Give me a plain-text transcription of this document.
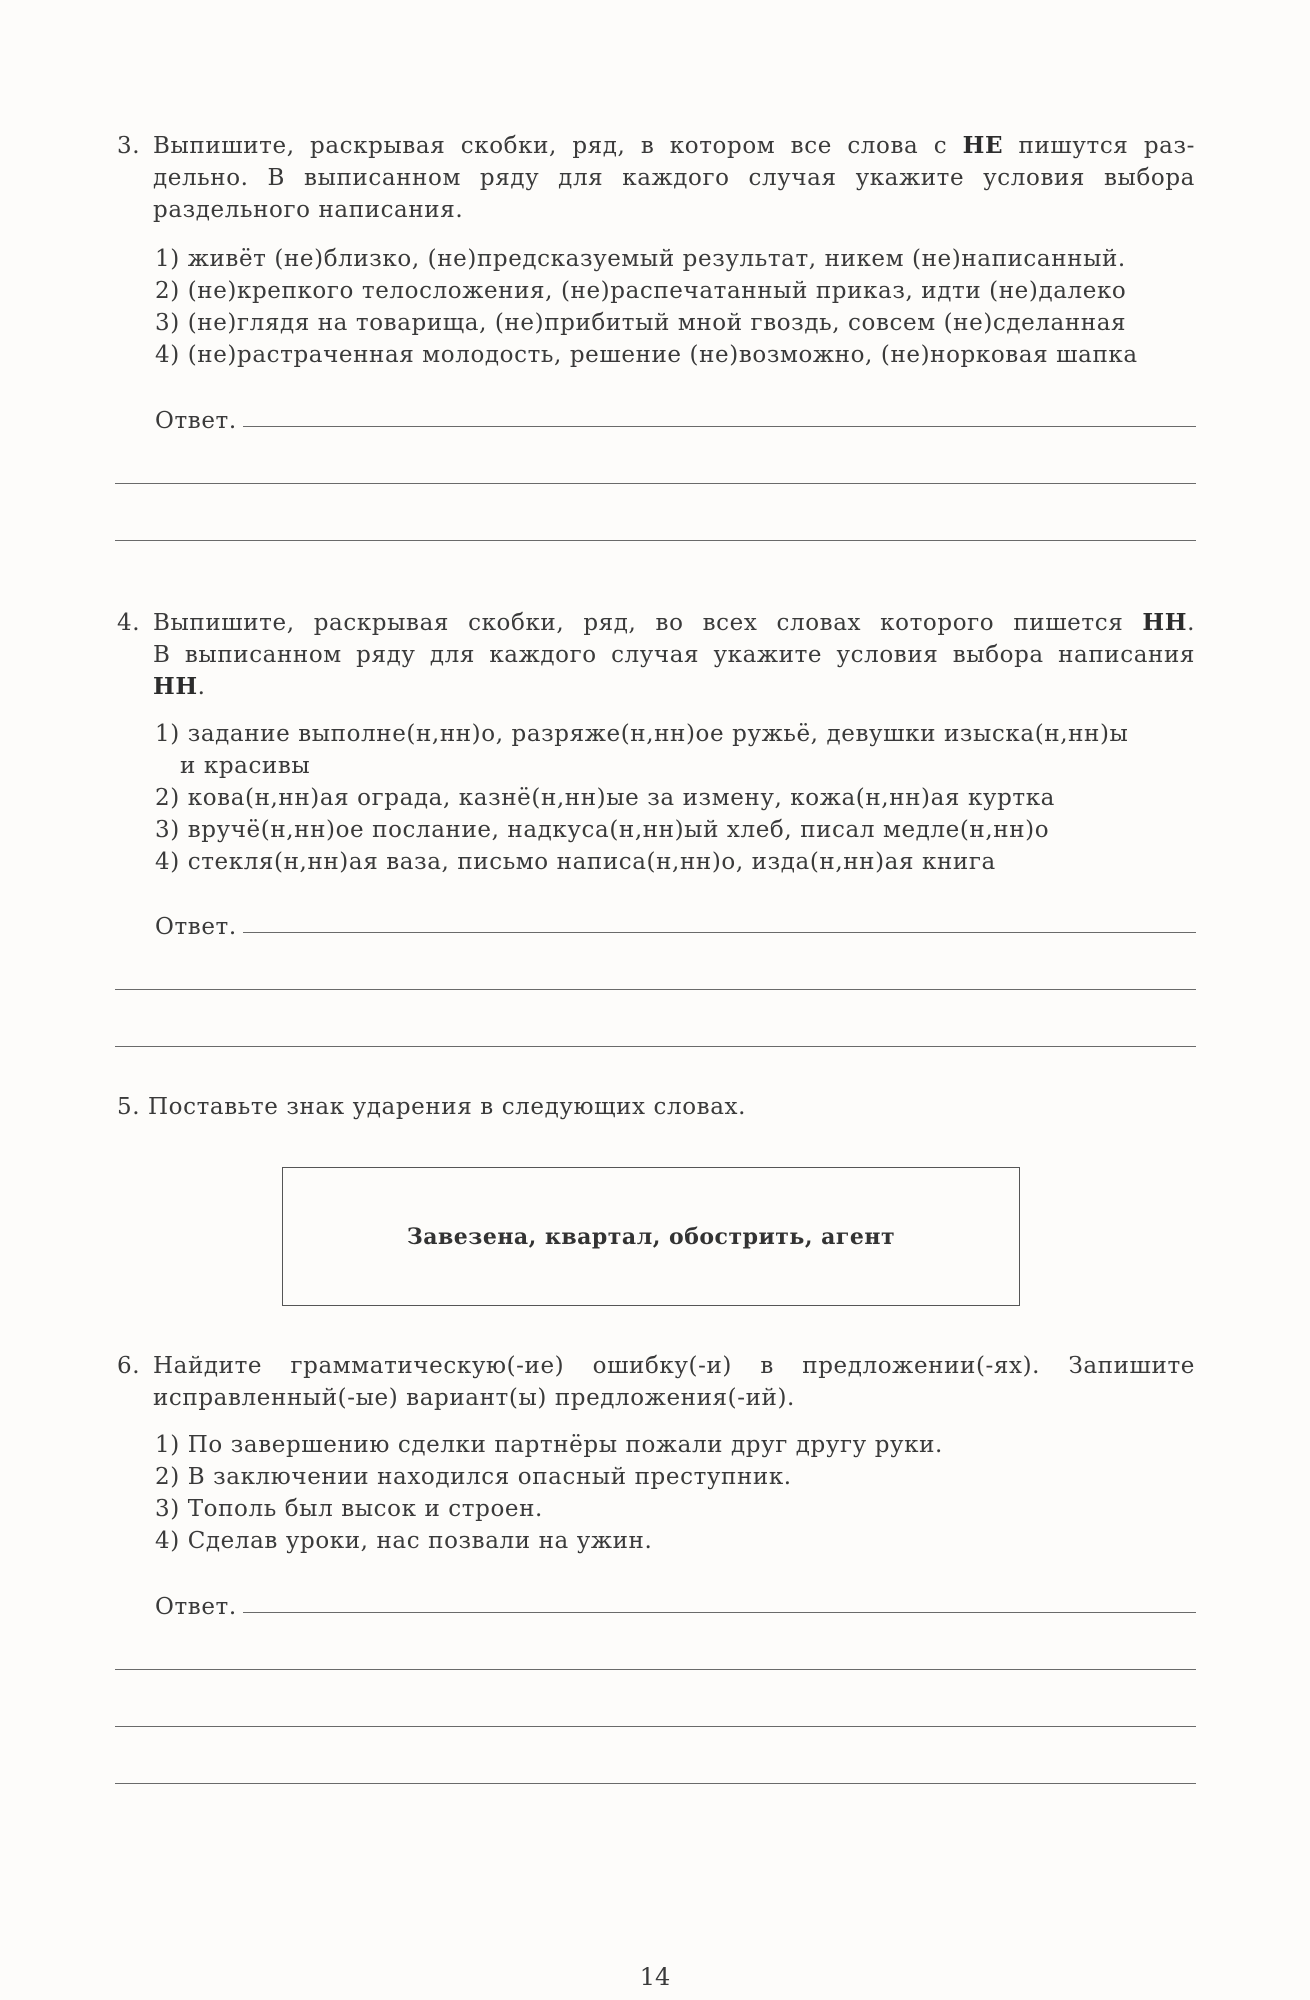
3. Выпишите, раскрывая скобки, ряд, в котором все слова с НЕ пишутся раз-
дельно. В выписанном ряду для каждого случая укажите условия выбора
раздельного написания.
1) живёт (не)близко, (не)предсказуемый результат, никем (не)написанный.
2) (не)крепкого телосложения, (не)распечатанный приказ, идти (не)далеко
3) (не)глядя на товарища, (не)прибитый мной гвоздь, совсем (не)сделанная
4) (не)растраченная молодость, решение (не)возможно, (не)норковая шапка
Ответ.
4. Выпишите, раскрывая скобки, ряд, во всех словах которого пишется НН.
В выписанном ряду для каждого случая укажите условия выбора написания
НН.
1) задание выполне(н,нн)о, разряже(н,нн)ое ружьё, девушки изыска(н,нн)ы
и красивы
2) кова(н,нн)ая ограда, казнё(н,нн)ые за измену, кожа(н,нн)ая куртка
3) вручё(н,нн)ое послание, надкуса(н,нн)ый хлеб, писал медле(н,нн)о
4) стекля(н,нн)ая ваза, письмо написа(н,нн)о, изда(н,нн)ая книга
Ответ.
5. Поставьте знак ударения в следующих словах.
Завезена, квартал, обострить, агент
6. Найдите грамматическую(-ие) ошибку(-и) в предложении(-ях). Запишите
исправленный(-ые) вариант(ы) предложения(-ий).
1) По завершению сделки партнёры пожали друг другу руки.
2) В заключении находился опасный преступник.
3) Тополь был высок и строен.
4) Сделав уроки, нас позвали на ужин.
Ответ.
14
